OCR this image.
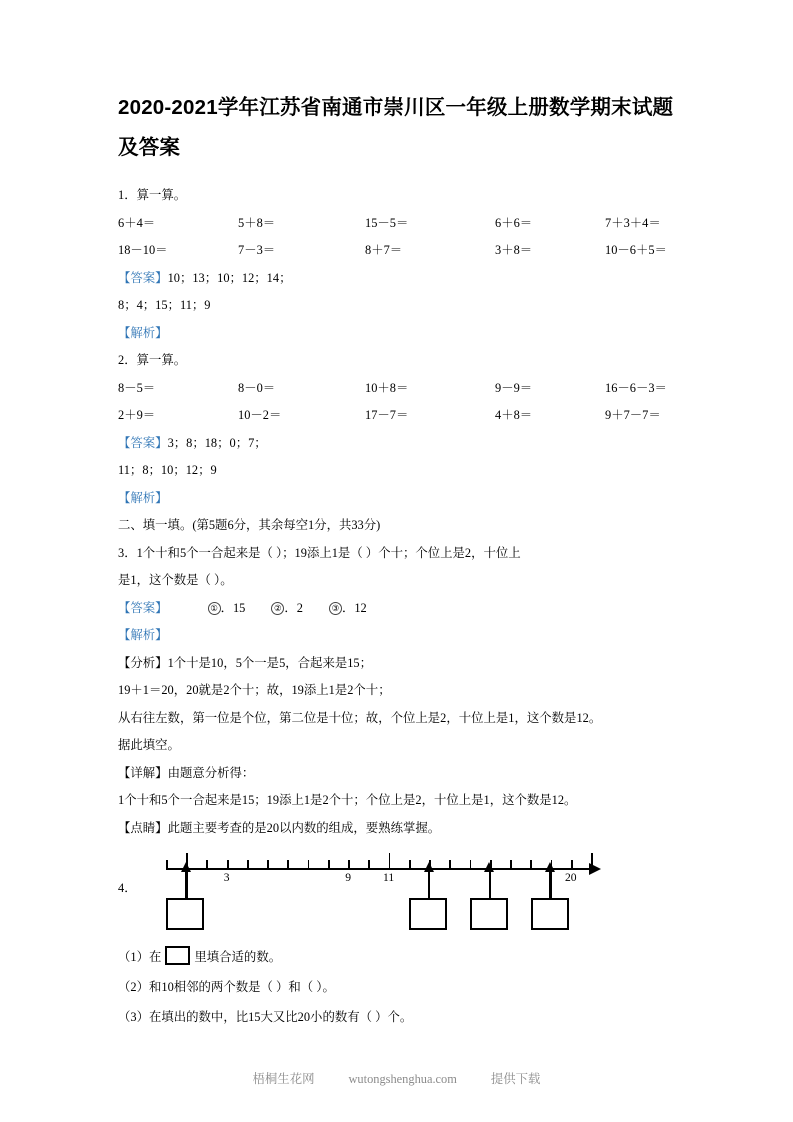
2020-2021学年江苏省南通市崇川区一年级上册数学期末试题及答案
1．算一算。
6＋4＝	5＋8＝	15－5＝	6＋6＝	7＋3＋4＝
18－10＝	7－3＝	8＋7＝	3＋8＝	10－6＋5＝
【答案】10；13；10；12；14；
8；4；15；11；9
【解析】
2．算一算。
8－5＝	8－0＝	10＋8＝	9－9＝	16－6－3＝
2＋9＝	10－2＝	17－7＝	4＋8＝	9＋7－7＝
【答案】3；8；18；0；7；
11；8；10；12；9
【解析】
二、填一填。(第5题6分，其余每空1分，共33分)
3．1个十和5个一合起来是（ ）；19添上1是（ ）个十；个位上是2，十位上
是1，这个数是（ ）。
【答案】	① ．15	② ．2	③ ．12
【解析】
【分析】1个十是10，5个一是5，合起来是15；
19＋1＝20，20就是2个十；故，19添上1是2个十；
从右往左数，第一位是个位，第二位是十位；故，个位上是2，十位上是1，这个数是12。
据此填空。
【详解】由题意分析得：
1个十和5个一合起来是15；19添上1是2个十；个位上是2，十位上是1，这个数是12。
【点睛】此题主要考查的是20以内数的组成，要熟练掌握。
4．
3	9	11	20
（1）在	里填合适的数。
（2）和10相邻的两个数是（ ）和（ ）。
（3）在填出的数中，比15大又比20小的数有（ ）个。
梧桐生花网	wutongshenghua.com	提供下载
